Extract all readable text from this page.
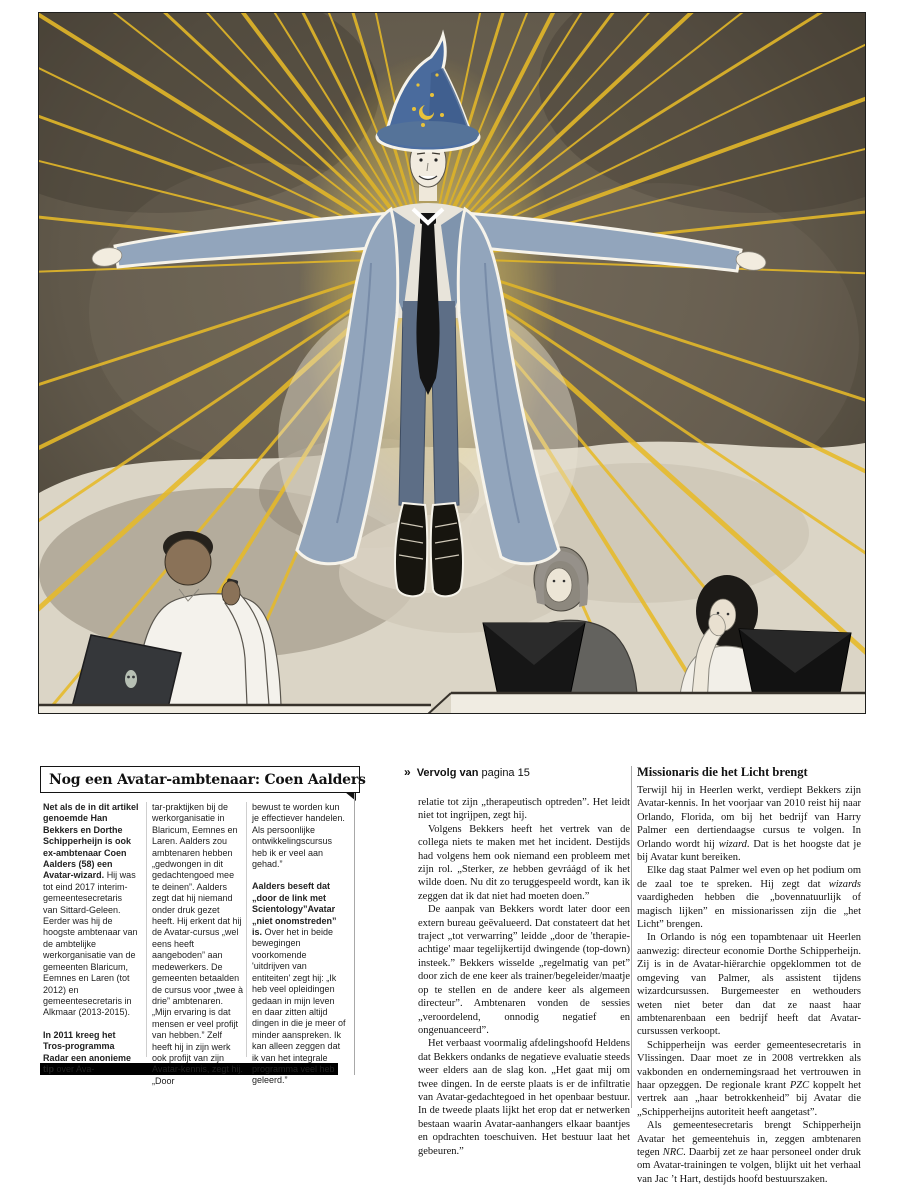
Nog een Avatar-ambtenaar: Coen Aalders

Net als de in dit artikel genoemde Han Bekkers en Dorthe Schipperheijn is ook ex-ambtenaar Coen Aalders (58) een Avatar-wizard. Hij was tot eind 2017 interim-gemeentesecretaris van Sittard-Geleen. Eerder was hij de hoogste ambtenaar van de ambtelijke werkorganisatie van de gemeenten Blaricum, Eemnes en Laren (tot 2012) en gemeentesecretaris in Alkmaar (2013-2015).

In 2011 kreeg het Tros-programma Radar een anonieme tip over Ava-

tar-praktijken bij de werkorganisatie in Blaricum, Eemnes en Laren. Aalders zou ambtenaren hebben „gedwongen in dit gedachtengoed mee te deinen”. Aalders zegt dat hij niemand onder druk gezet heeft. Hij erkent dat hij de Avatar-cursus „wel eens heeft aangeboden” aan medewerkers. De gemeenten betaalden de cursus voor „twee à drie” ambtenaren. „Mijn ervaring is dat mensen er veel profijt van hebben.” Zelf heeft hij in zijn werk ook profijt van zijn Avatar-kennis, zegt hij. „Door

bewust te worden kun je effectiever handelen. Als persoonlijke ontwikkelingscursus heb ik er veel aan gehad.”

Aalders beseft dat „door de link met Scientology”Avatar „niet onomstreden” is. Over het in beide bewegingen voorkomende 'uitdrijven van entiteiten' zegt hij: „Ik heb veel opleidingen gedaan in mijn leven en daar zitten altijd dingen in die je meer of minder aanspreken. Ik kan alleen zeggen dat ik van het integrale programma veel heb geleerd.”

» Vervolg van pagina 15

relatie tot zijn „therapeutisch optreden”. Het leidt niet tot ingrijpen, zegt hij.

Volgens Bekkers heeft het vertrek van de collega niets te maken met het incident. Destijds had volgens hem ook niemand een probleem met zijn rol. „Sterker, ze hebben gevráágd of ik het wilde doen. Nu dit zo teruggespeeld wordt, kan ik zeggen dat ik dat niet had moeten doen.”

De aanpak van Bekkers wordt later door een extern bureau geëvalueerd. Dat constateert dat het traject „tot verwarring” leidde „door de 'therapie-achtige' maar tegelijkertijd dwingende (top-down) insteek.” Bekkers wisselde „regelmatig van pet” door zich de ene keer als trainer/begeleider/maatje op te stellen en de andere keer als algemeen directeur”. Ambtenaren vonden de sessies „veroordelend, onnodig negatief en ongenuanceerd”.

Het verbaast voormalig afdelingshoofd Heldens dat Bekkers ondanks de negatieve evaluatie steeds weer elders aan de slag kon. „Het gaat mij om twee dingen. In de eerste plaats is er de infiltratie van Avatar-gedachtegoed in het openbaar bestuur. In de tweede plaats lijkt het erop dat er netwerken bestaan waarin Avatar-aanhangers elkaar baantjes en opdrachten toeschuiven. Het bestuur laat het gebeuren.”

Missionaris die het Licht brengt

Terwijl hij in Heerlen werkt, verdiept Bekkers zijn Avatar-kennis. In het voorjaar van 2010 reist hij naar Orlando, Florida, om bij het bedrijf van Harry Palmer een dertiendaagse cursus te volgen. In Orlando wordt hij wizard. Dat is het hoogste dat je bij Avatar kunt bereiken.

Elke dag staat Palmer wel even op het podium om de zaal toe te spreken. Hij zegt dat wizards vaardigheden hebben die „bovennatuurlijk of magisch lijken” en missionarissen zijn die „het Licht” brengen.

In Orlando is nóg een topambtenaar uit Heerlen aanwezig: directeur economie Dorthe Schipperheijn. Zij is in de Avatar-hiërarchie opgeklommen tot de omgeving van Palmer, als assistent tijdens wizardcursussen. Burgemeester en wethouders weten niet beter dan dat ze naast haar ambtenarenbaan een bedrijf heeft dat Avatar-cursussen verkoopt.

Schipperheijn was eerder gemeentesecretaris in Vlissingen. Daar moet ze in 2008 vertrekken als vakbonden en ondernemingsraad het vertrouwen in haar opzeggen. De regionale krant PZC koppelt het vertrek aan „haar betrokkenheid” bij Avatar die „Schipperheijns autoriteit heeft aangetast”.

Als gemeentesecretaris brengt Schipperheijn Avatar het gemeentehuis in, zeggen ambtenaren tegen NRC. Daarbij zet ze haar personeel onder druk om Avatar-trainingen te volgen, blijkt uit het verhaal van Jac ’t Hart, destijds hoofd bestuurszaken.
